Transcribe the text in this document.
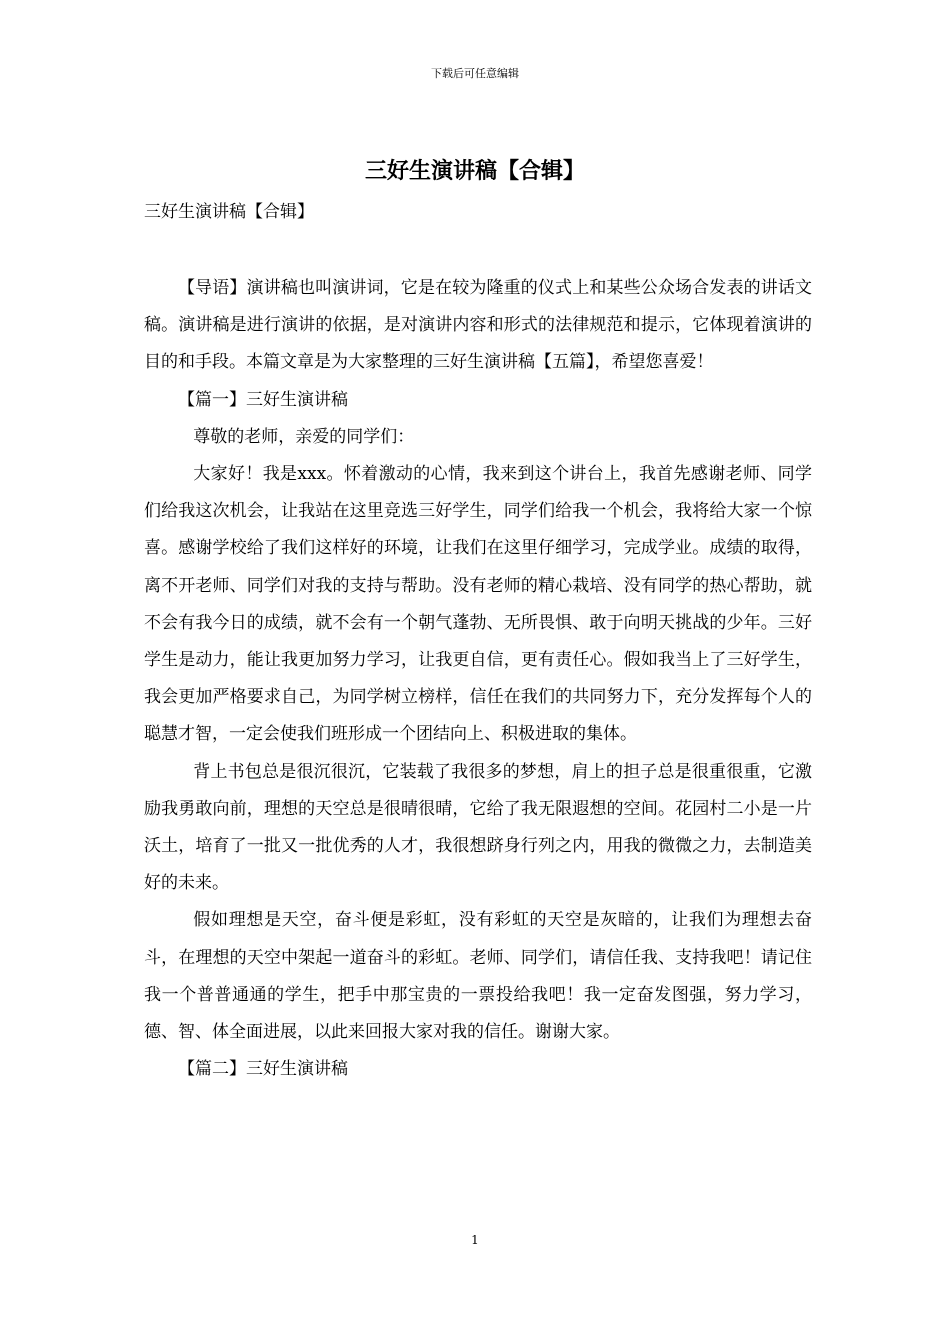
下载后可任意编辑
三好生演讲稿【合辑】

三好生演讲稿【合辑】

【导语】演讲稿也叫演讲词，它是在较为隆重的仪式上和某些公众场合发表的讲话文稿。演讲稿是进行演讲的依据，是对演讲内容和形式的法律规范和提示，它体现着演讲的目的和手段。本篇文章是为大家整理的三好生演讲稿【五篇】，希望您喜爱！

【篇一】三好生演讲稿

尊敬的老师，亲爱的同学们：

大家好！我是xxx。怀着激动的心情，我来到这个讲台上，我首先感谢老师、同学们给我这次机会，让我站在这里竞选三好学生，同学们给我一个机会，我将给大家一个惊喜。感谢学校给了我们这样好的环境，让我们在这里仔细学习，完成学业。成绩的取得，离不开老师、同学们对我的支持与帮助。没有老师的精心栽培、没有同学的热心帮助，就不会有我今日的成绩，就不会有一个朝气蓬勃、无所畏惧、敢于向明天挑战的少年。三好学生是动力，能让我更加努力学习，让我更自信，更有责任心。假如我当上了三好学生，我会更加严格要求自己，为同学树立榜样，信任在我们的共同努力下，充分发挥每个人的聪慧才智，一定会使我们班形成一个团结向上、积极进取的集体。

背上书包总是很沉很沉，它装载了我很多的梦想，肩上的担子总是很重很重，它激励我勇敢向前，理想的天空总是很晴很晴，它给了我无限遐想的空间。花园村二小是一片沃土，培育了一批又一批优秀的人才，我很想跻身行列之内，用我的微微之力，去制造美好的未来。

假如理想是天空，奋斗便是彩虹，没有彩虹的天空是灰暗的，让我们为理想去奋斗，在理想的天空中架起一道奋斗的彩虹。老师、同学们，请信任我、支持我吧！请记住我一个普普通通的学生，把手中那宝贵的一票投给我吧！我一定奋发图强，努力学习，德、智、体全面进展，以此来回报大家对我的信任。谢谢大家。

【篇二】三好生演讲稿

1
